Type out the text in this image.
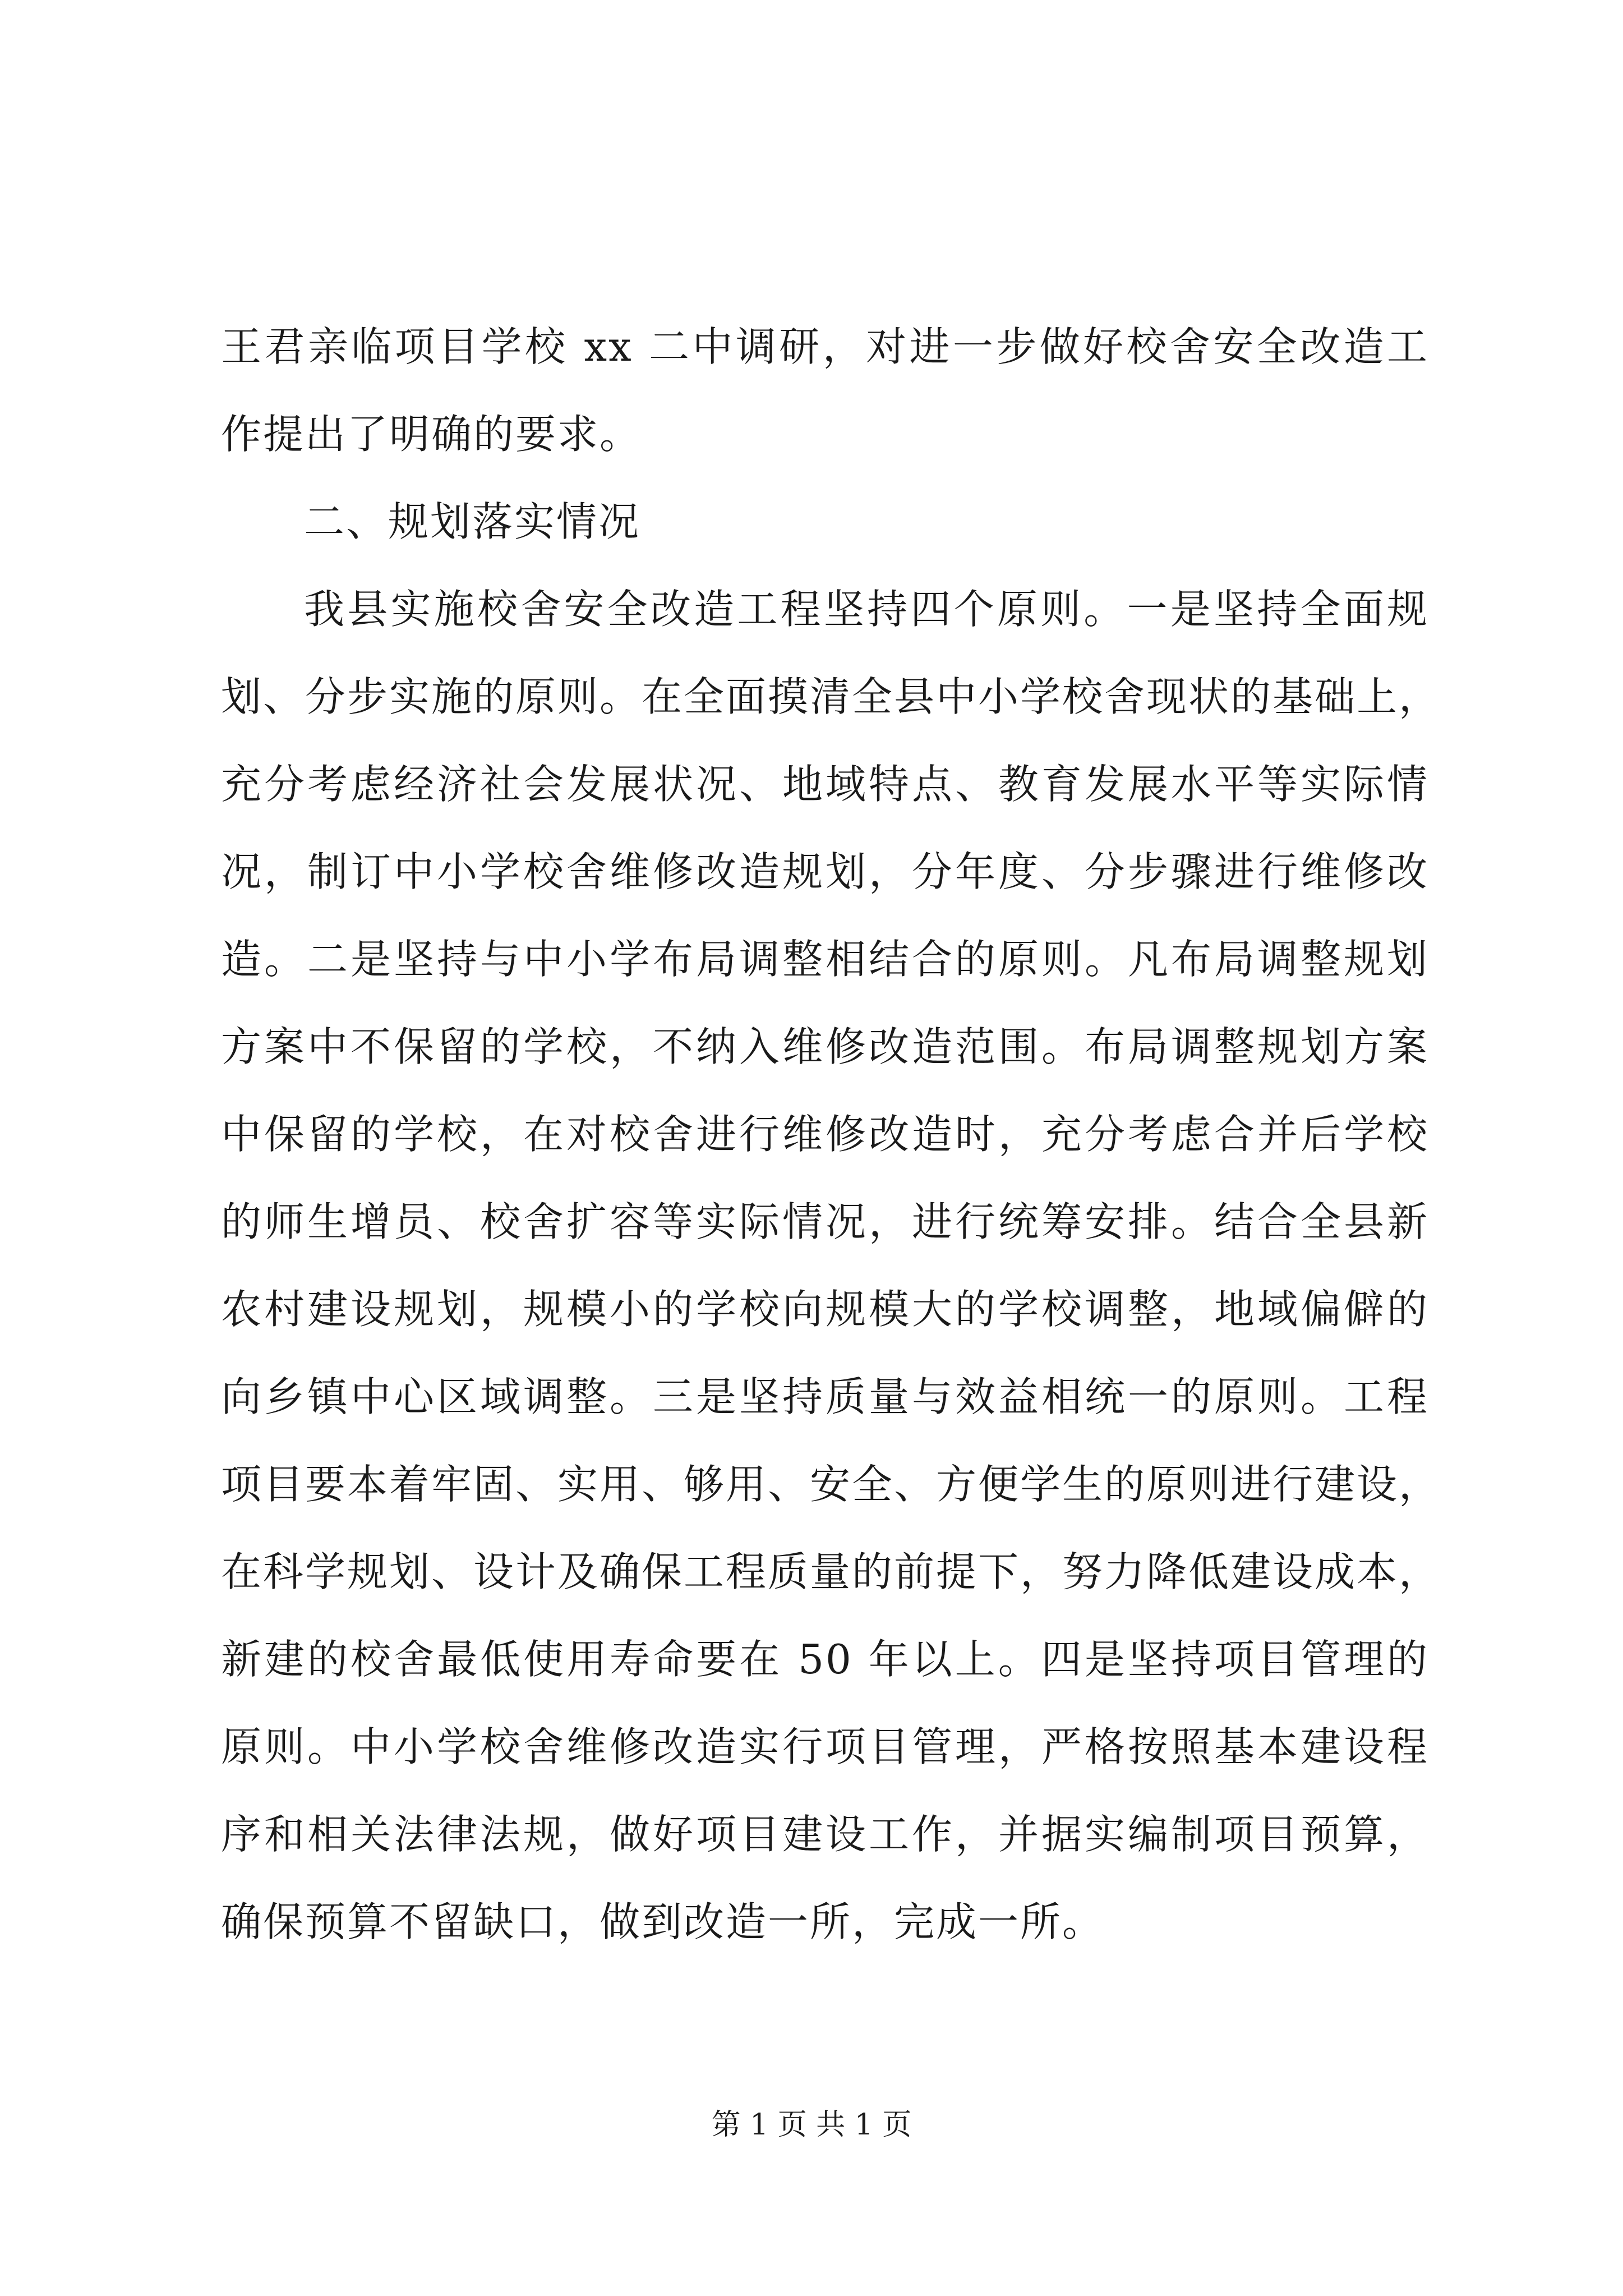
王君亲临项目学校 xx 二中调研，对进一步做好校舍安全改造工
作提出了明确的要求。
二、规划落实情况
我县实施校舍安全改造工程坚持四个原则。一是坚持全面规
划、分步实施的原则。在全面摸清全县中小学校舍现状的基础上，
充分考虑经济社会发展状况、地域特点、教育发展水平等实际情
况，制订中小学校舍维修改造规划，分年度、分步骤进行维修改
造。二是坚持与中小学布局调整相结合的原则。凡布局调整规划
方案中不保留的学校，不纳入维修改造范围。布局调整规划方案
中保留的学校，在对校舍进行维修改造时，充分考虑合并后学校
的师生增员、校舍扩容等实际情况，进行统筹安排。结合全县新
农村建设规划，规模小的学校向规模大的学校调整，地域偏僻的
向乡镇中心区域调整。三是坚持质量与效益相统一的原则。工程
项目要本着牢固、实用、够用、安全、方便学生的原则进行建设，
在科学规划、设计及确保工程质量的前提下，努力降低建设成本，
新建的校舍最低使用寿命要在 50 年以上。四是坚持项目管理的
原则。中小学校舍维修改造实行项目管理，严格按照基本建设程
序和相关法律法规，做好项目建设工作，并据实编制项目预算，
确保预算不留缺口，做到改造一所，完成一所。
第 1 页 共 1 页
